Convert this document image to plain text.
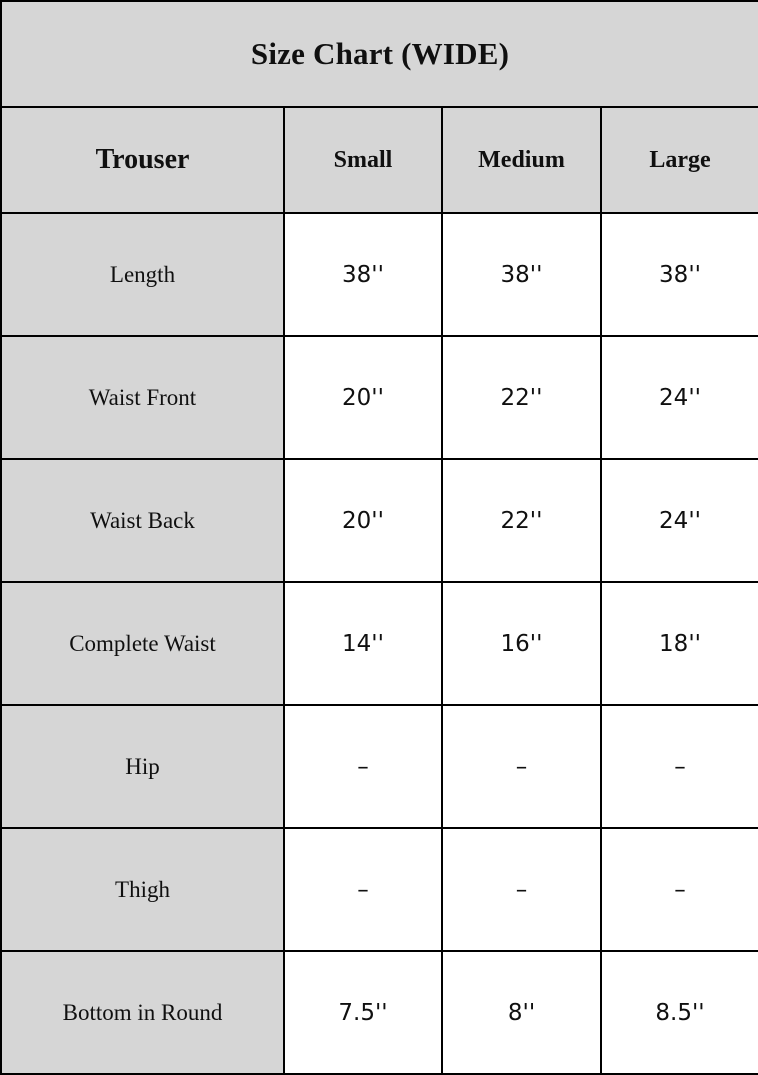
Size Chart (WIDE)			
Trouser	Small	Medium	Large

Length	38''	38''	38''

Waist Front	20''	22''	24''

Waist Back	20''	22''	24''

Complete Waist	14''	16''	18''

Hip	–	–	–

Thigh	–	–	–

Bottom in Round	7.5''	8''	8.5''
